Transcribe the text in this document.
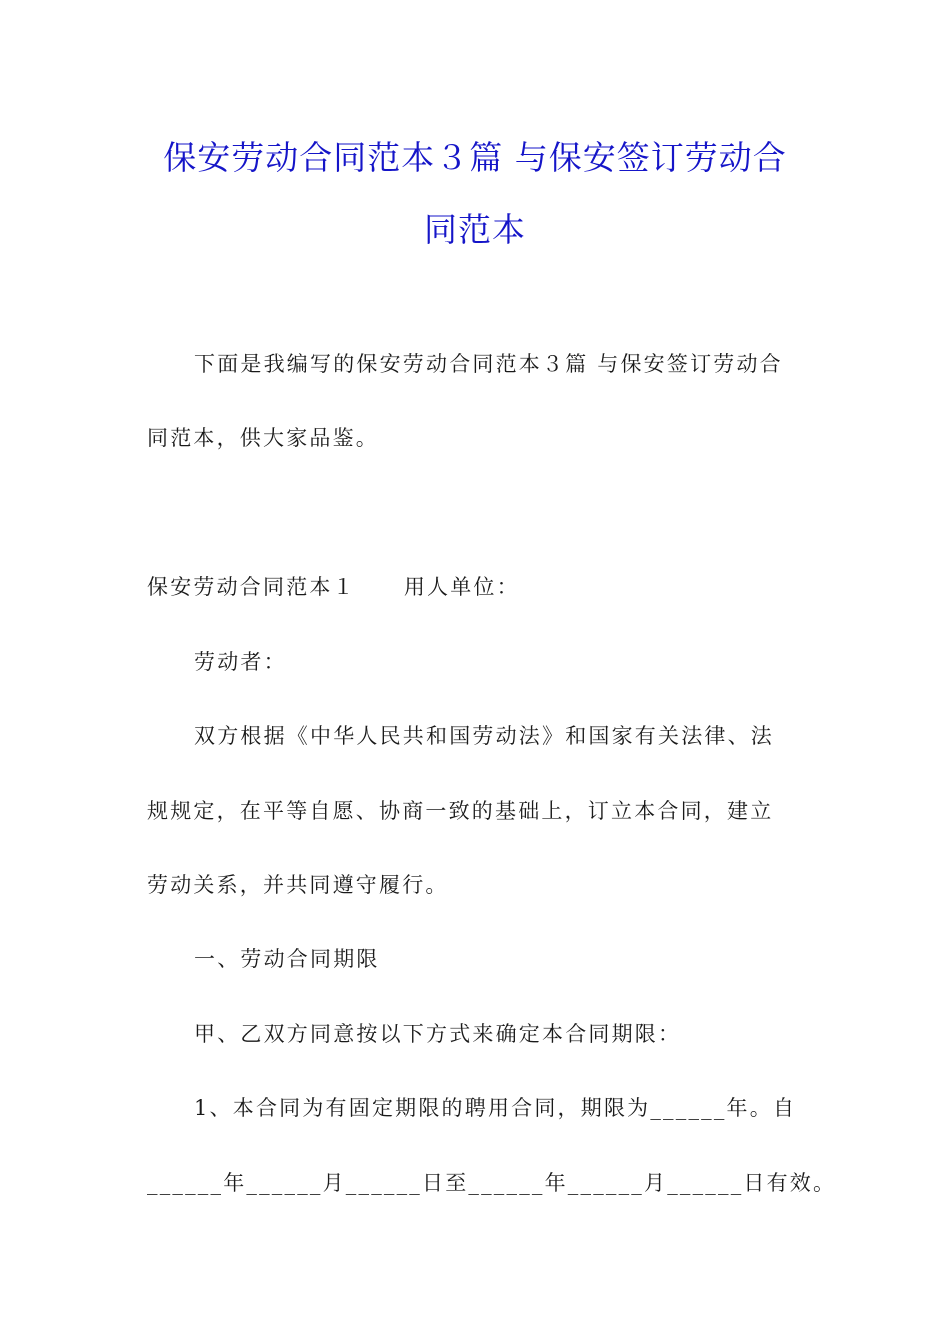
保安劳动合同范本３篇 与保安签订劳动合
同范本
下面是我编写的保安劳动合同范本３篇 与保安签订劳动合
同范本，供大家品鉴。
保安劳动合同范本１ 用人单位：
劳动者：
双方根据《中华人民共和国劳动法》和国家有关法律、法
规规定，在平等自愿、协商一致的基础上，订立本合同，建立
劳动关系，并共同遵守履行。
一、劳动合同期限
甲、乙双方同意按以下方式来确定本合同期限：
1、本合同为有固定期限的聘用合同，期限为______年。自
______年______月______日至______年______月______日有效。
